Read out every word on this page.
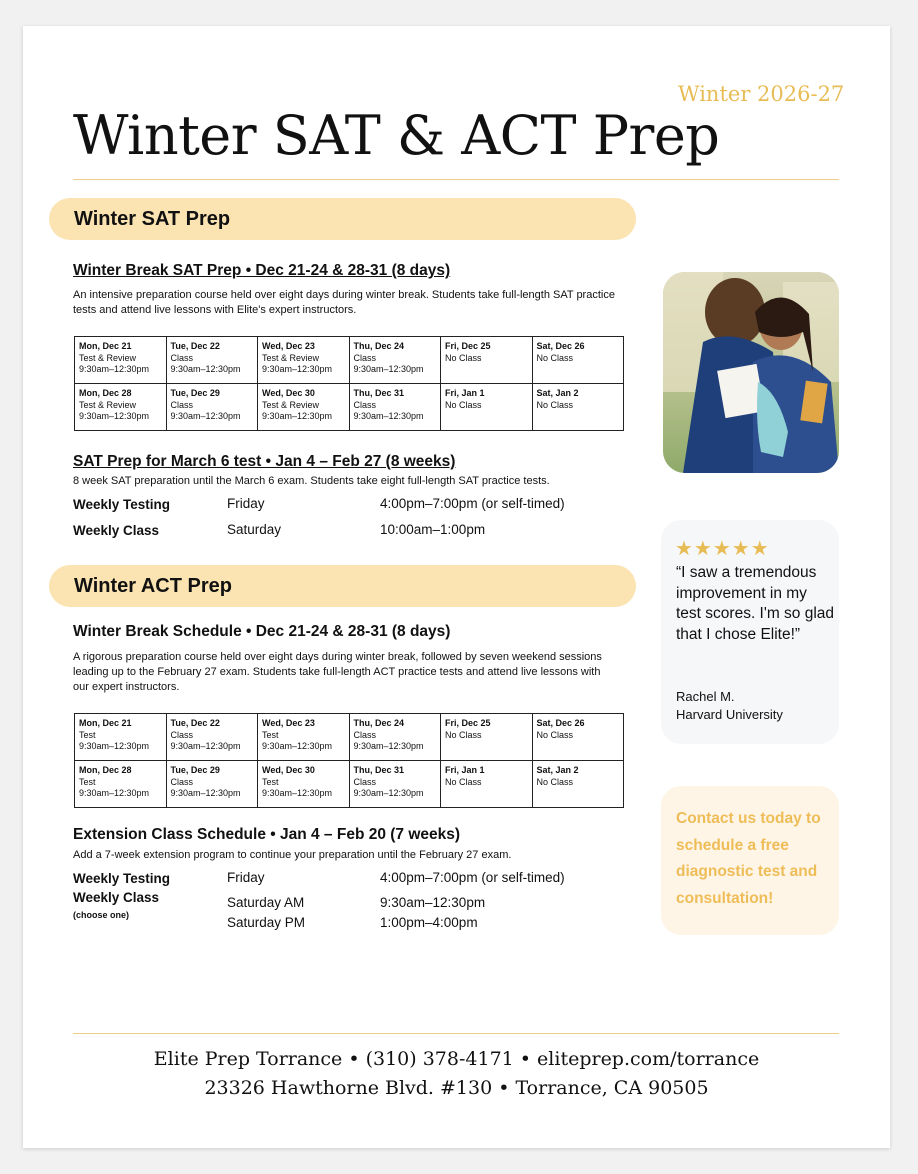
Winter 2026-27
Winter SAT & ACT Prep
Winter SAT Prep
Winter Break SAT Prep • Dec 21-24 & 28-31 (8 days)
An intensive preparation course held over eight days during winter break. Students take full-length SAT practice tests and attend live lessons with Elite's expert instructors.
Mon, Dec 21
Test & Review
9:30am–12:30pm	Tue, Dec 22
Class
9:30am–12:30pm	Wed, Dec 23
Test & Review
9:30am–12:30pm	Thu, Dec 24
Class
9:30am–12:30pm	Fri, Dec 25
No Class	Sat, Dec 26
No Class

Mon, Dec 28
Test & Review
9:30am–12:30pm	Tue, Dec 29
Class
9:30am–12:30pm	Wed, Dec 30
Test & Review
9:30am–12:30pm	Thu, Dec 31
Class
9:30am–12:30pm	Fri, Jan 1
No Class	Sat, Jan 2
No Class
SAT Prep for March 6 test • Jan 4 – Feb 27 (8 weeks)
8 week SAT preparation until the March 6 exam. Students take eight full-length SAT practice tests.
Weekly Testing	Friday	4:00pm–7:00pm (or self-timed)
Weekly Class	Saturday	10:00am–1:00pm
Winter ACT Prep
Winter Break Schedule • Dec 21-24 & 28-31 (8 days)
A rigorous preparation course held over eight days during winter break, followed by seven weekend sessions leading up to the February 27 exam. Students take full-length ACT practice tests and attend live lessons with our expert instructors.
Mon, Dec 21
Test
9:30am–12:30pm	Tue, Dec 22
Class
9:30am–12:30pm	Wed, Dec 23
Test
9:30am–12:30pm	Thu, Dec 24
Class
9:30am–12:30pm	Fri, Dec 25
No Class	Sat, Dec 26
No Class

Mon, Dec 28
Test
9:30am–12:30pm	Tue, Dec 29
Class
9:30am–12:30pm	Wed, Dec 30
Test
9:30am–12:30pm	Thu, Dec 31
Class
9:30am–12:30pm	Fri, Jan 1
No Class	Sat, Jan 2
No Class
Extension Class Schedule • Jan 4 – Feb 20 (7 weeks)
Add a 7-week extension program to continue your preparation until the February 27 exam.
Weekly Testing	Friday	4:00pm–7:00pm (or self-timed)
Weekly Class
(choose one)
Saturday AM	9:30am–12:30pm
Saturday PM	1:00pm–4:00pm
★★★★★
“I saw a tremendous improvement in my test scores. I'm so glad that I chose Elite!”
Rachel M.
Harvard University
Contact us today to schedule a free diagnostic test and consultation!
Elite Prep Torrance • (310) 378-4171 • eliteprep.com/torrance
23326 Hawthorne Blvd. #130 • Torrance, CA 90505
